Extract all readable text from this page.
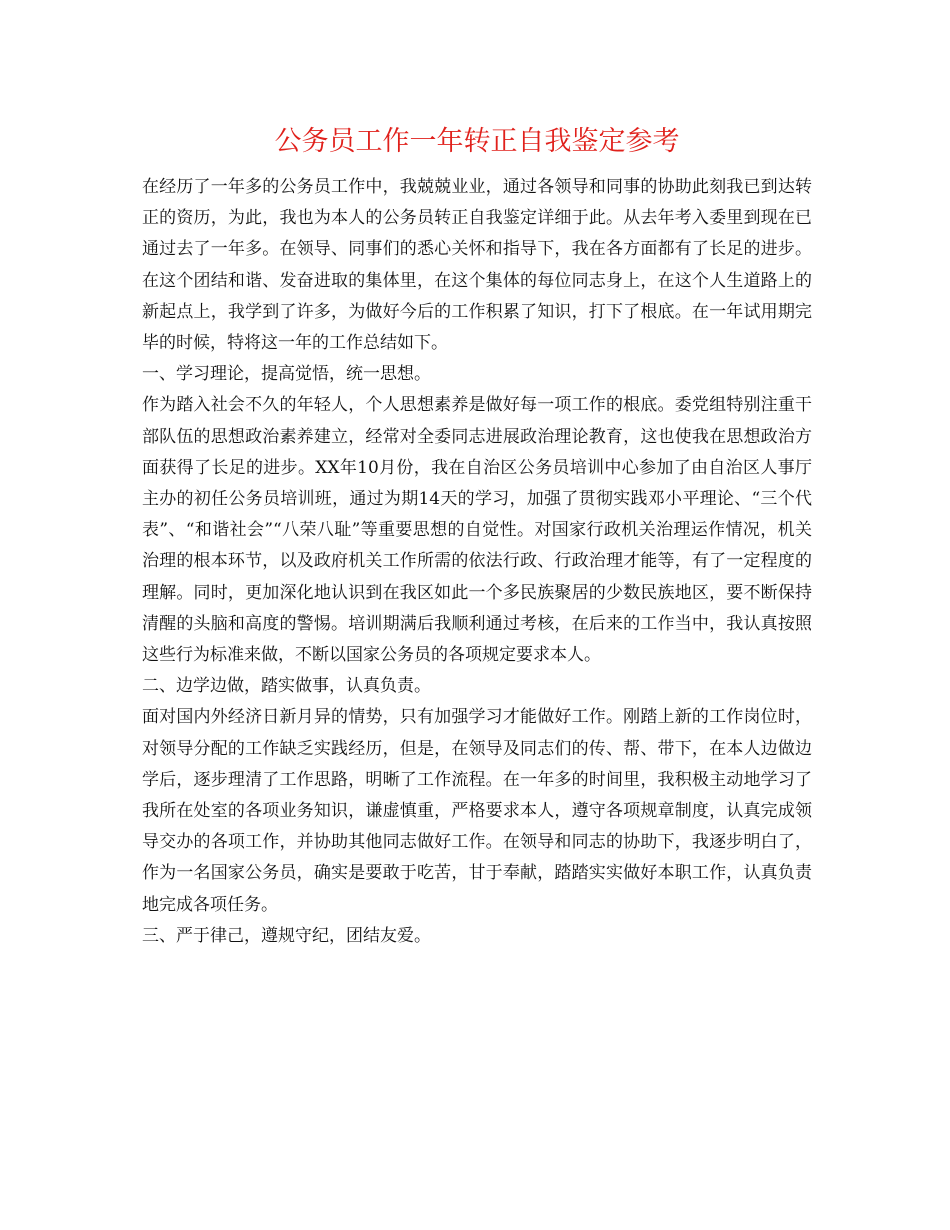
公务员工作一年转正自我鉴定参考

在经历了一年多的公务员工作中，我兢兢业业，通过各领导和同事的协助此刻我已到达转正的资历，为此，我也为本人的公务员转正自我鉴定详细于此。从去年考入委里到现在已通过去了一年多。在领导、同事们的悉心关怀和指导下，我在各方面都有了长足的进步。在这个团结和谐、发奋进取的集体里，在这个集体的每位同志身上，在这个人生道路上的新起点上，我学到了许多，为做好今后的工作积累了知识，打下了根底。在一年试用期完毕的时候，特将这一年的工作总结如下。

一、学习理论，提高觉悟，统一思想。

作为踏入社会不久的年轻人，个人思想素养是做好每一项工作的根底。委党组特别注重干部队伍的思想政治素养建立，经常对全委同志进展政治理论教育，这也使我在思想政治方面获得了长足的进步。XX年10月份，我在自治区公务员培训中心参加了由自治区人事厅主办的初任公务员培训班，通过为期14天的学习，加强了贯彻实践邓小平理论、“三个代表”、“和谐社会”“八荣八耻”等重要思想的自觉性。对国家行政机关治理运作情况，机关治理的根本环节，以及政府机关工作所需的依法行政、行政治理才能等，有了一定程度的理解。同时，更加深化地认识到在我区如此一个多民族聚居的少数民族地区，要不断保持清醒的头脑和高度的警惕。培训期满后我顺利通过考核，在后来的工作当中，我认真按照这些行为标准来做，不断以国家公务员的各项规定要求本人。

二、边学边做，踏实做事，认真负责。

面对国内外经济日新月异的情势，只有加强学习才能做好工作。刚踏上新的工作岗位时，对领导分配的工作缺乏实践经历，但是，在领导及同志们的传、帮、带下，在本人边做边学后，逐步理清了工作思路，明晰了工作流程。在一年多的时间里，我积极主动地学习了我所在处室的各项业务知识，谦虚慎重，严格要求本人，遵守各项规章制度，认真完成领导交办的各项工作，并协助其他同志做好工作。在领导和同志的协助下，我逐步明白了，作为一名国家公务员，确实是要敢于吃苦，甘于奉献，踏踏实实做好本职工作，认真负责地完成各项任务。

三、严于律己，遵规守纪，团结友爱。
